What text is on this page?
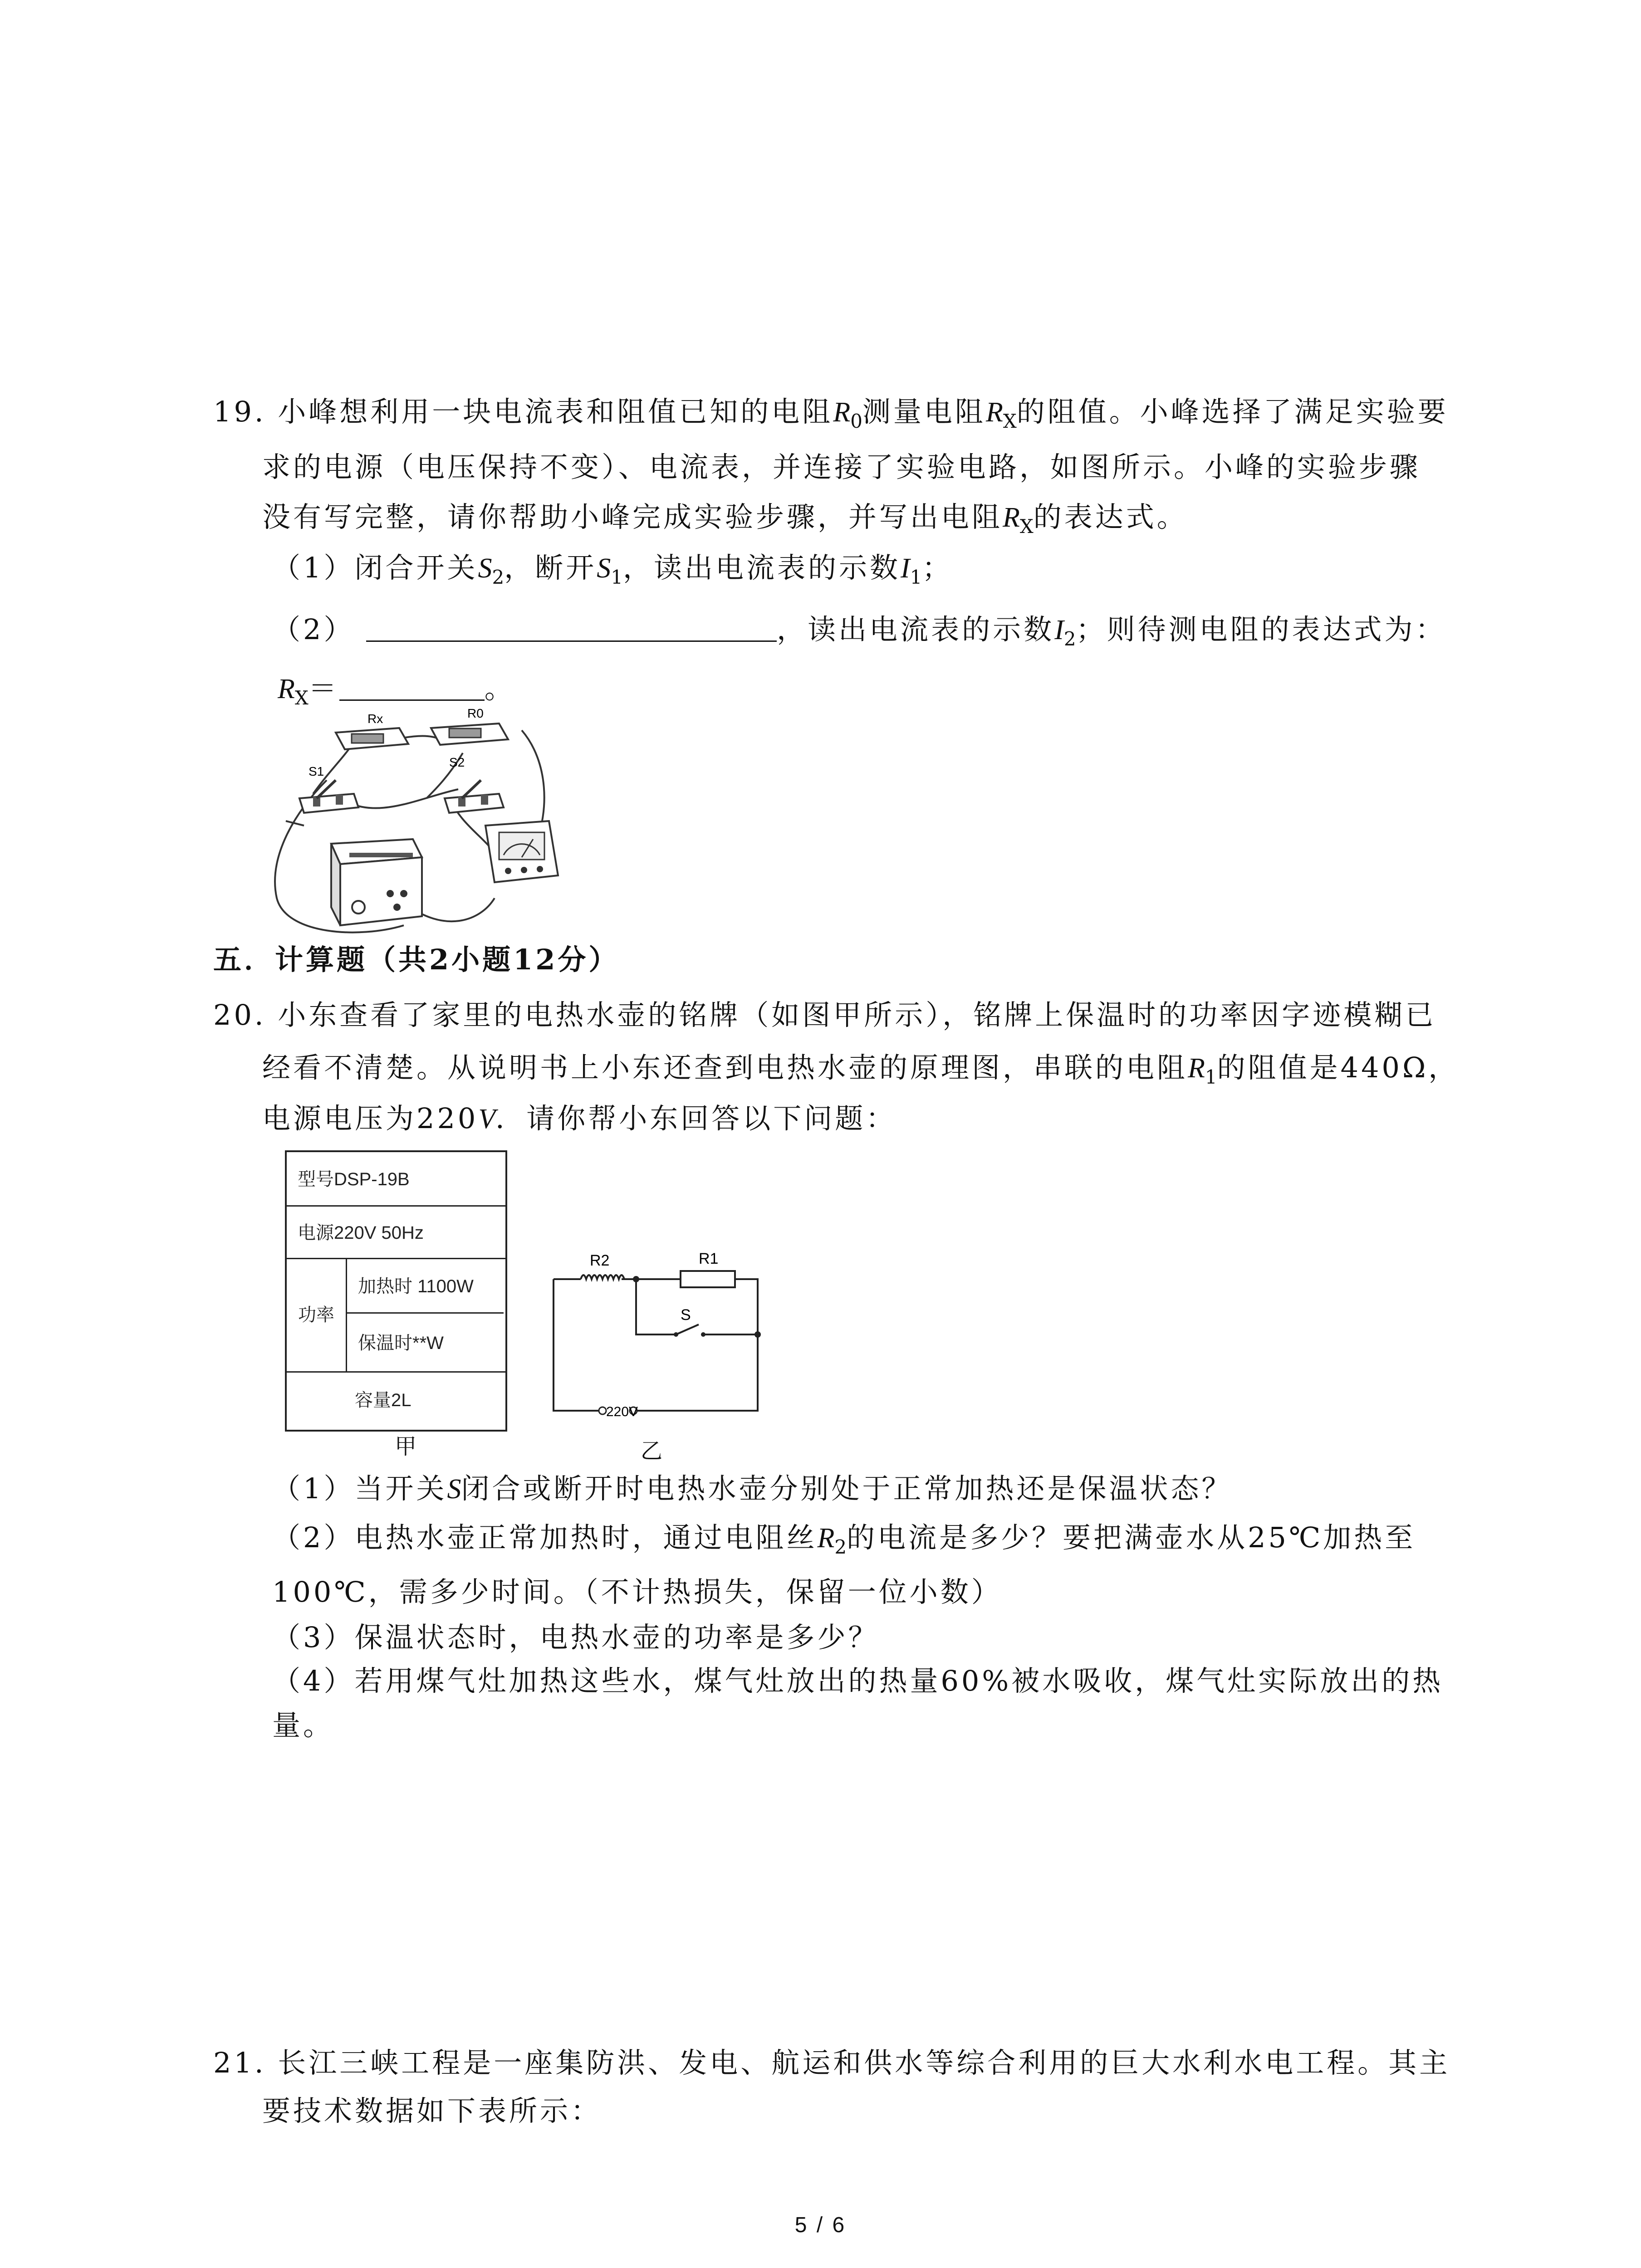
19. 小峰想利用一块电流表和阻值已知的电阻$R_0$测量电阻$R_X$的阻值。小峰选择了满足实验要
求的电源（电压保持不变）、电流表，并连接了实验电路，如图所示。小峰的实验步骤
没有写完整，请你帮助小峰完成实验步骤，并写出电阻$R_X$的表达式。
（1）闭合开关$S_2$，断开$S_1$，读出电流表的示数$I_1$；
（2）	，读出电流表的示数$I_2$；则待测电阻的表达式为：
$R_X=$	。
Rx	R0
S1
S2
五．计算题（共2小题12分）
20. 小东查看了家里的电热水壶的铭牌（如图甲所示），铭牌上保温时的功率因字迹模糊已
经看不清楚。从说明书上小东还查到电热水壶的原理图，串联的电阻$R_1$的阻值是440Ω，
电源电压为220V．请你帮小东回答以下问题：
型号DSP-19B
电源220V 50Hz
功率
加热时 1100W
保温时**W
容量2L
甲
R2	R1
S
220V
乙
（1）当开关S闭合或断开时电热水壶分别处于正常加热还是保温状态？
（2）电热水壶正常加热时，通过电阻丝$R_2$的电流是多少？要把满壶水从25℃加热至
100℃，需多少时间。（不计热损失，保留一位小数）
（3）保温状态时，电热水壶的功率是多少？
（4）若用煤气灶加热这些水，煤气灶放出的热量60%被水吸收，煤气灶实际放出的热
量。
21. 长江三峡工程是一座集防洪、发电、航运和供水等综合利用的巨大水利水电工程。其主
要技术数据如下表所示：
5 / 6
